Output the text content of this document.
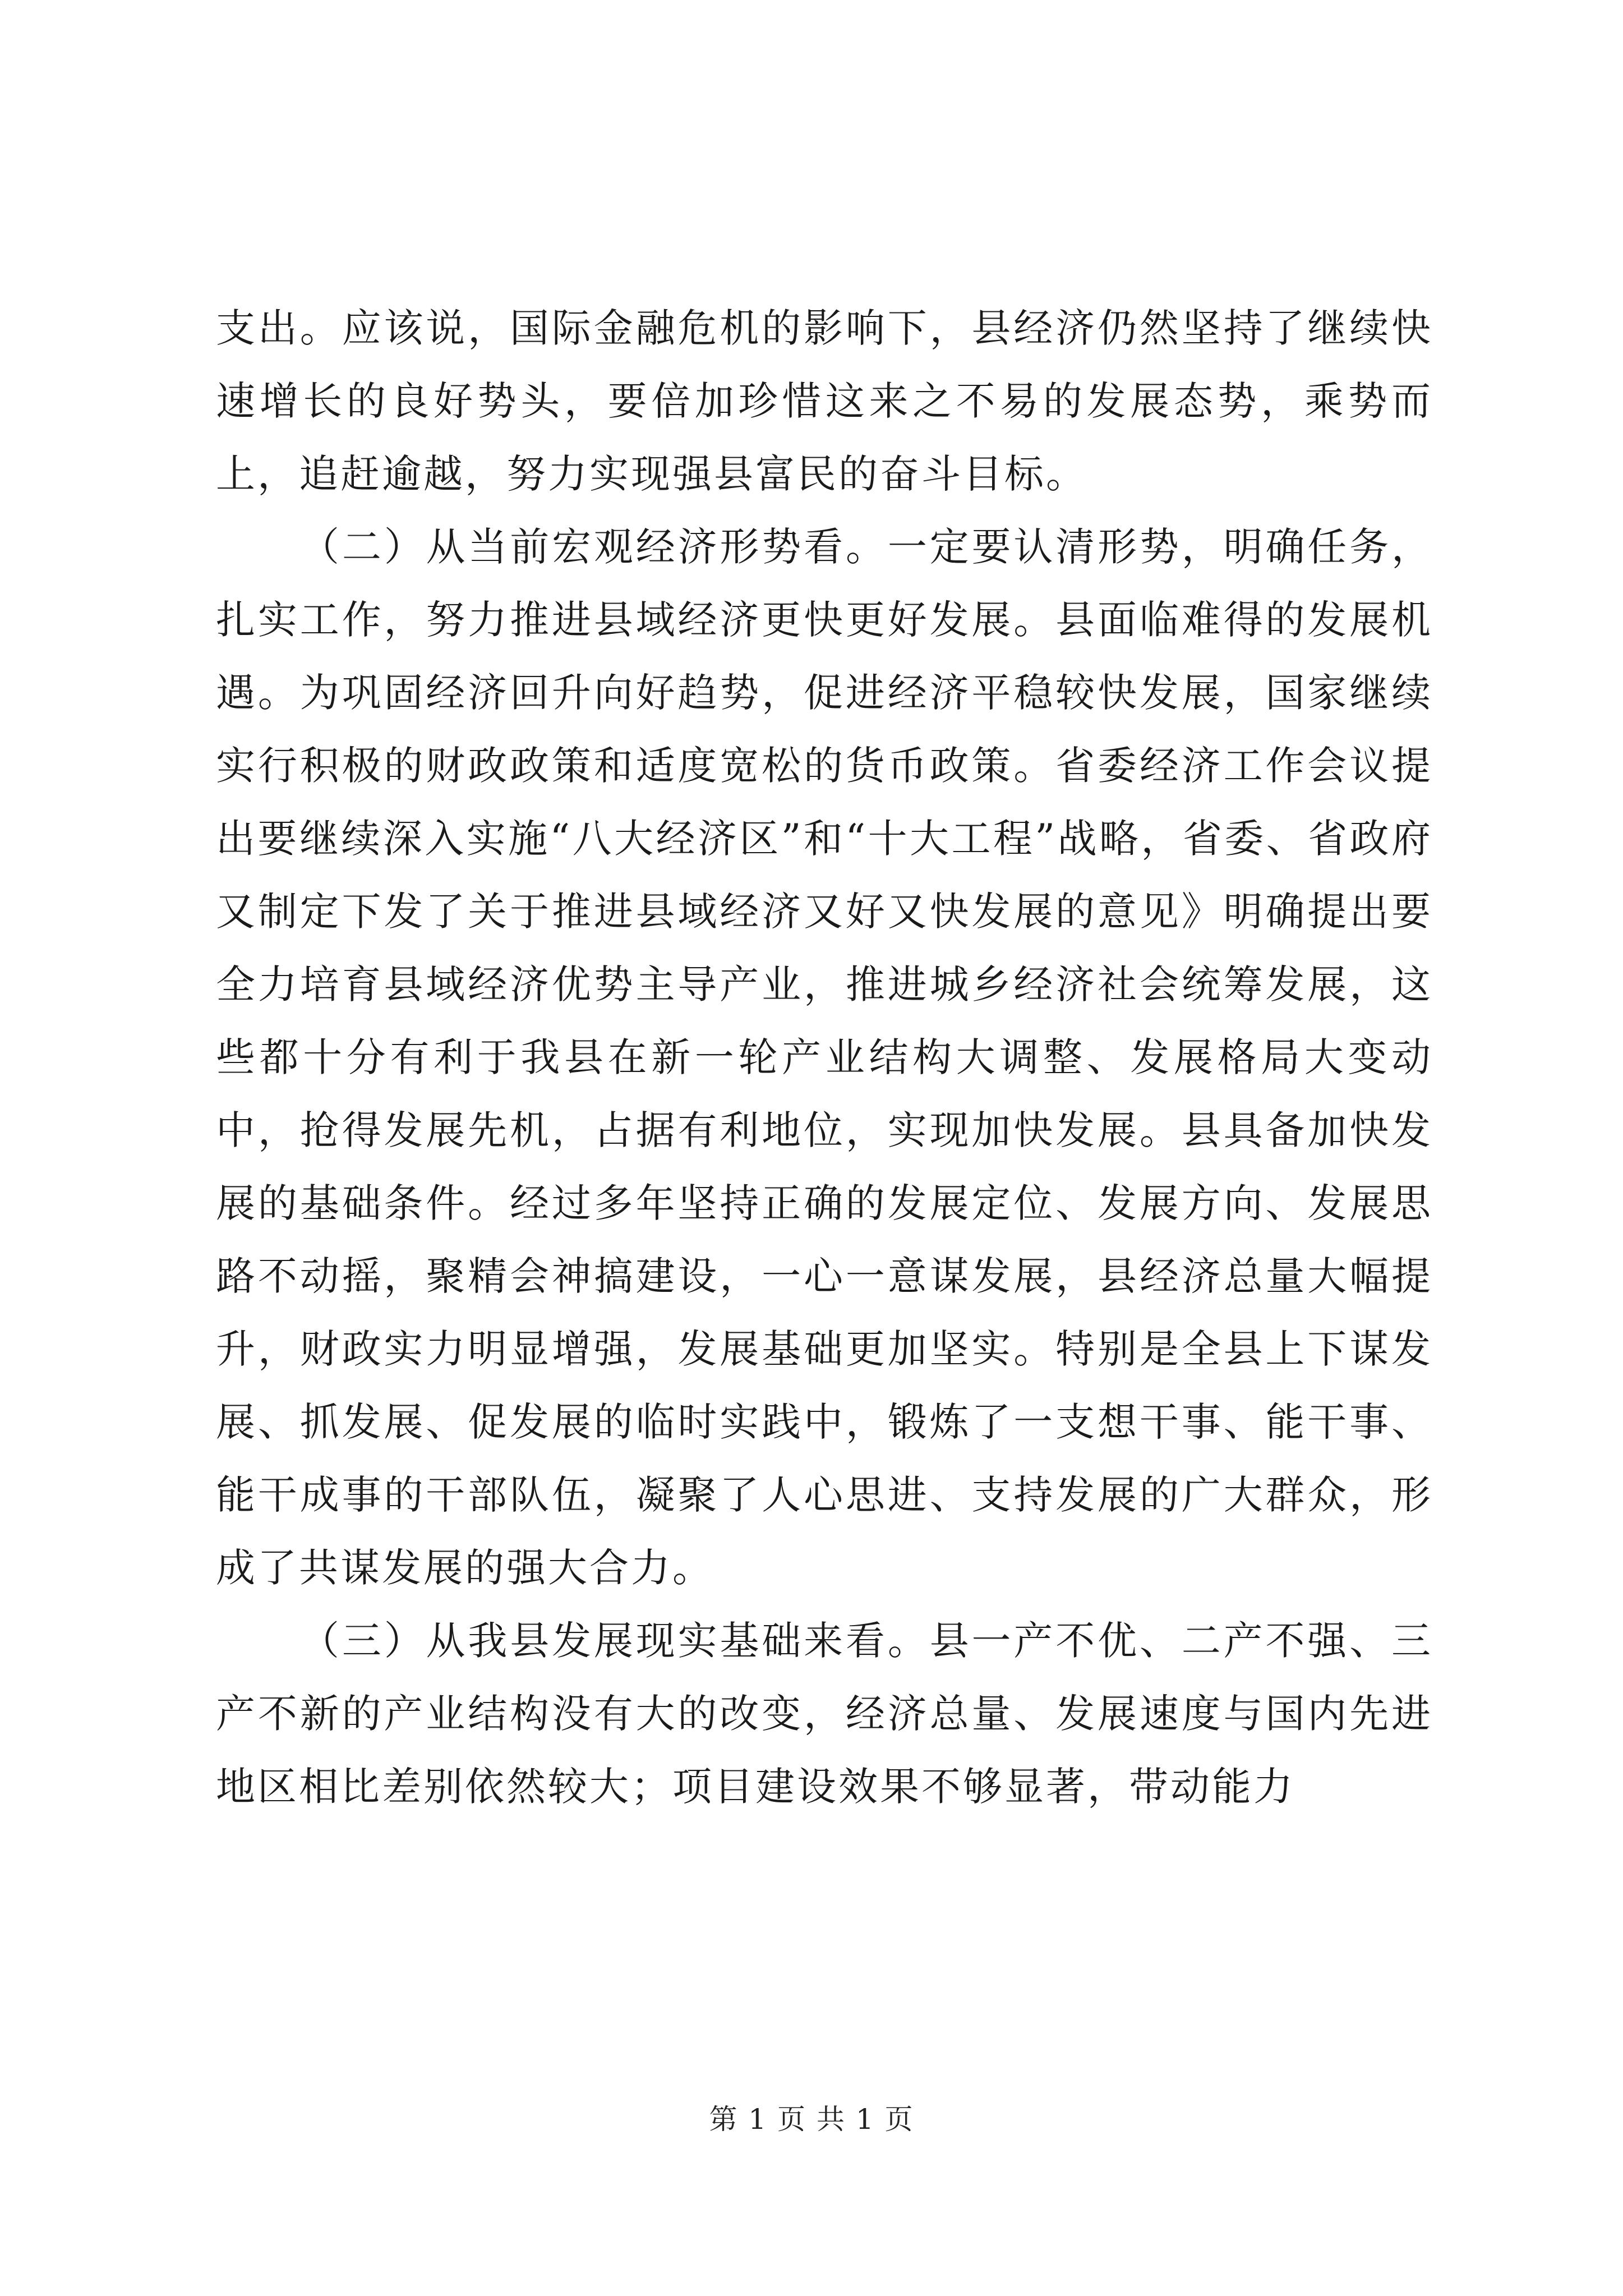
支出。应该说，国际金融危机的影响下，县经济仍然坚持了继续快速增长的良好势头，要倍加珍惜这来之不易的发展态势，乘势而上，追赶逾越，努力实现强县富民的奋斗目标。

（二）从当前宏观经济形势看。一定要认清形势，明确任务，扎实工作，努力推进县域经济更快更好发展。县面临难得的发展机遇。为巩固经济回升向好趋势，促进经济平稳较快发展，国家继续实行积极的财政政策和适度宽松的货币政策。省委经济工作会议提出要继续深入实施“八大经济区”和“十大工程”战略，省委、省政府又制定下发了关于推进县域经济又好又快发展的意见》明确提出要全力培育县域经济优势主导产业，推进城乡经济社会统筹发展，这些都十分有利于我县在新一轮产业结构大调整、发展格局大变动中，抢得发展先机，占据有利地位，实现加快发展。县具备加快发展的基础条件。经过多年坚持正确的发展定位、发展方向、发展思路不动摇，聚精会神搞建设，一心一意谋发展，县经济总量大幅提升，财政实力明显增强，发展基础更加坚实。特别是全县上下谋发展、抓发展、促发展的临时实践中，锻炼了一支想干事、能干事、能干成事的干部队伍，凝聚了人心思进、支持发展的广大群众，形成了共谋发展的强大合力。

（三）从我县发展现实基础来看。县一产不优、二产不强、三产不新的产业结构没有大的改变，经济总量、发展速度与国内先进地区相比差别依然较大；项目建设效果不够显著，带动能力

第 1 页 共 1 页
